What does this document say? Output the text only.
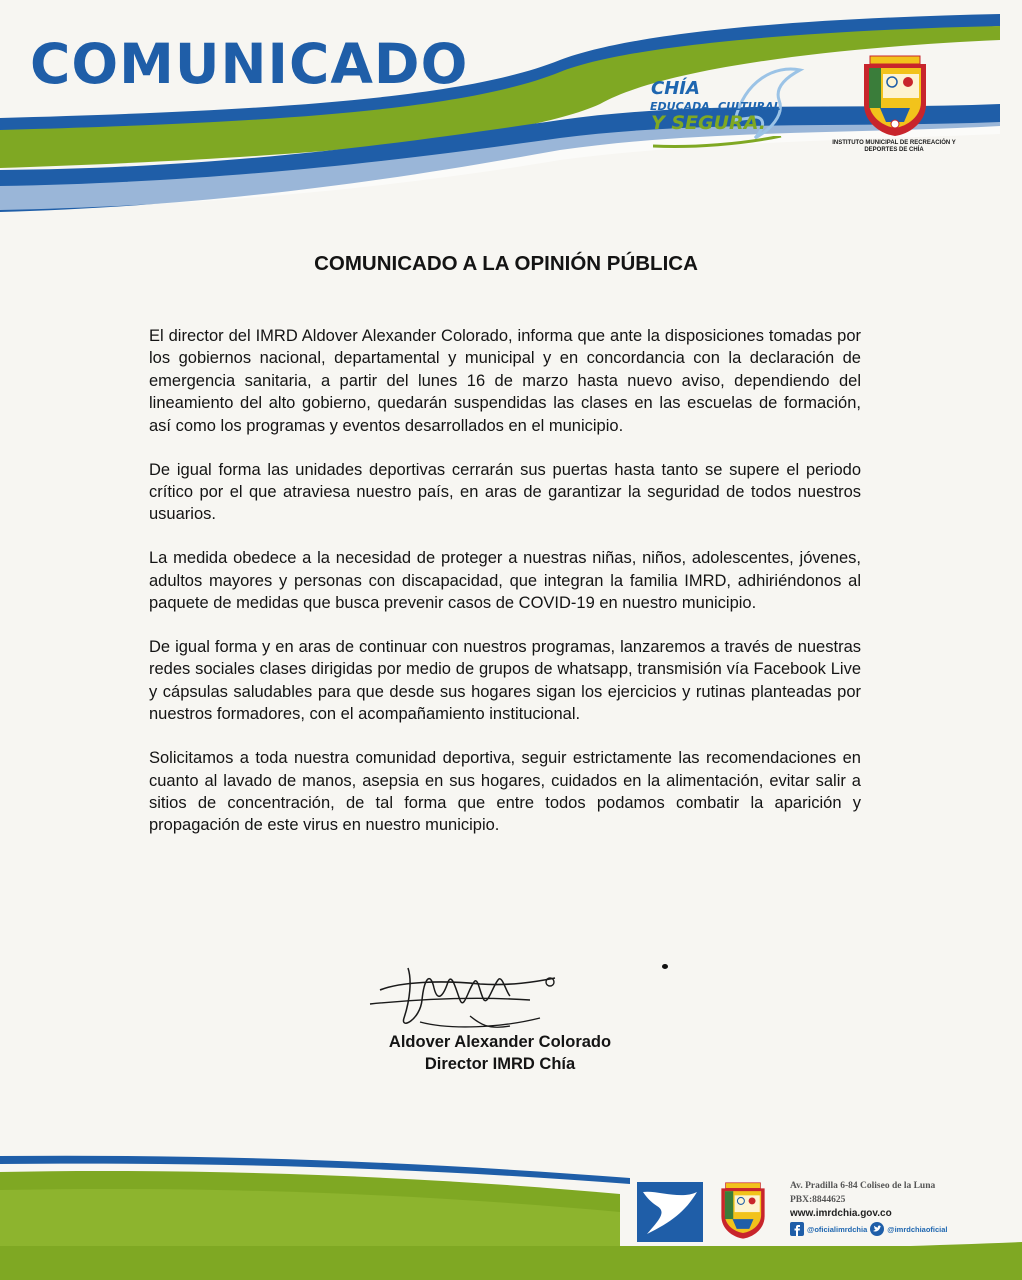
COMUNICADO	CHÍA
EDUCADA, CULTURAL
Y SEGURA.

INSTITUTO MUNICIPAL DE RECREACIÓN Y DEPORTES DE CHÍA

COMUNICADO A LA OPINIÓN PÚBLICA

El director del IMRD Aldover Alexander Colorado, informa que ante la disposiciones tomadas por los gobiernos nacional, departamental y municipal y en concordancia con la declaración de emergencia sanitaria, a partir del lunes 16 de marzo hasta nuevo aviso, dependiendo del lineamiento del alto gobierno, quedarán suspendidas las clases en las escuelas de formación, así como los programas y eventos desarrollados en el municipio.

De igual forma las unidades deportivas cerrarán sus puertas hasta tanto se supere el periodo crítico por el que atraviesa nuestro país, en aras de garantizar la seguridad de todos nuestros usuarios.

La medida obedece a la necesidad de proteger a nuestras niñas, niños, adolescentes, jóvenes, adultos mayores y personas con discapacidad, que integran la familia IMRD, adhiriéndonos al paquete de medidas que busca prevenir casos de COVID-19 en nuestro municipio.

De igual forma y en aras de continuar con nuestros programas, lanzaremos a través de nuestras redes sociales clases dirigidas por medio de grupos de whatsapp, transmisión vía Facebook Live y cápsulas saludables para que desde sus hogares sigan los ejercicios y rutinas planteadas por nuestros formadores, con el acompañamiento institucional.

Solicitamos a toda nuestra comunidad deportiva, seguir estrictamente las recomendaciones en cuanto al lavado de manos, asepsia en sus hogares, cuidados en la alimentación, evitar salir a sitios de concentración, de tal forma que entre todos podamos combatir la aparición y propagación de este virus en nuestro municipio.

Aldover Alexander Colorado

Director IMRD Chía

Av. Pradilla 6-84 Coliseo de la Luna

PBX:8844625

www.imrdchia.gov.co

@oficialimrdchia	@imrdchiaoficial
